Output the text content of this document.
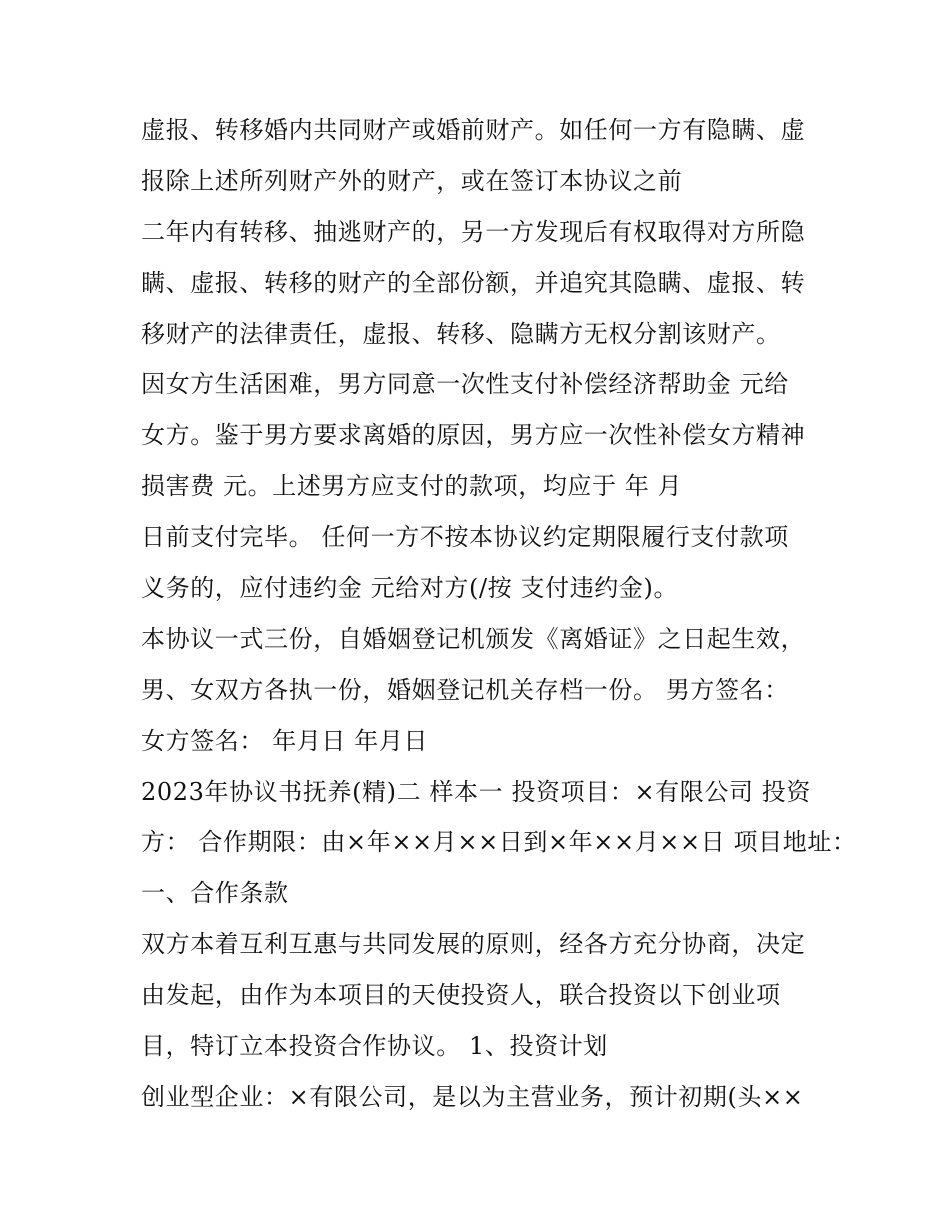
虚报、转移婚内共同财产或婚前财产。如任何一方有隐瞒、虚
报除上述所列财产外的财产，或在签订本协议之前
二年内有转移、抽逃财产的，另一方发现后有权取得对方所隐
瞒、虚报、转移的财产的全部份额，并追究其隐瞒、虚报、转
移财产的法律责任，虚报、转移、隐瞒方无权分割该财产。
因女方生活困难，男方同意一次性支付补偿经济帮助金 元给
女方。鉴于男方要求离婚的原因，男方应一次性补偿女方精神
损害费 元。上述男方应支付的款项，均应于 年 月
日前支付完毕。 任何一方不按本协议约定期限履行支付款项
义务的，应付违约金 元给对方(/按 支付违约金)。
本协议一式三份，自婚姻登记机颁发《离婚证》之日起生效，
男、女双方各执一份，婚姻登记机关存档一份。 男方签名：
女方签名： 年月日 年月日
2023年协议书抚养(精)二 样本一 投资项目：×有限公司 投资
方： 合作期限：由×年××月××日到×年××月××日 项目地址：
一、合作条款
双方本着互利互惠与共同发展的原则，经各方充分协商，决定
由发起，由作为本项目的天使投资人，联合投资以下创业项
目，特订立本投资合作协议。 1、投资计划
创业型企业：×有限公司，是以为主营业务，预计初期(头××
